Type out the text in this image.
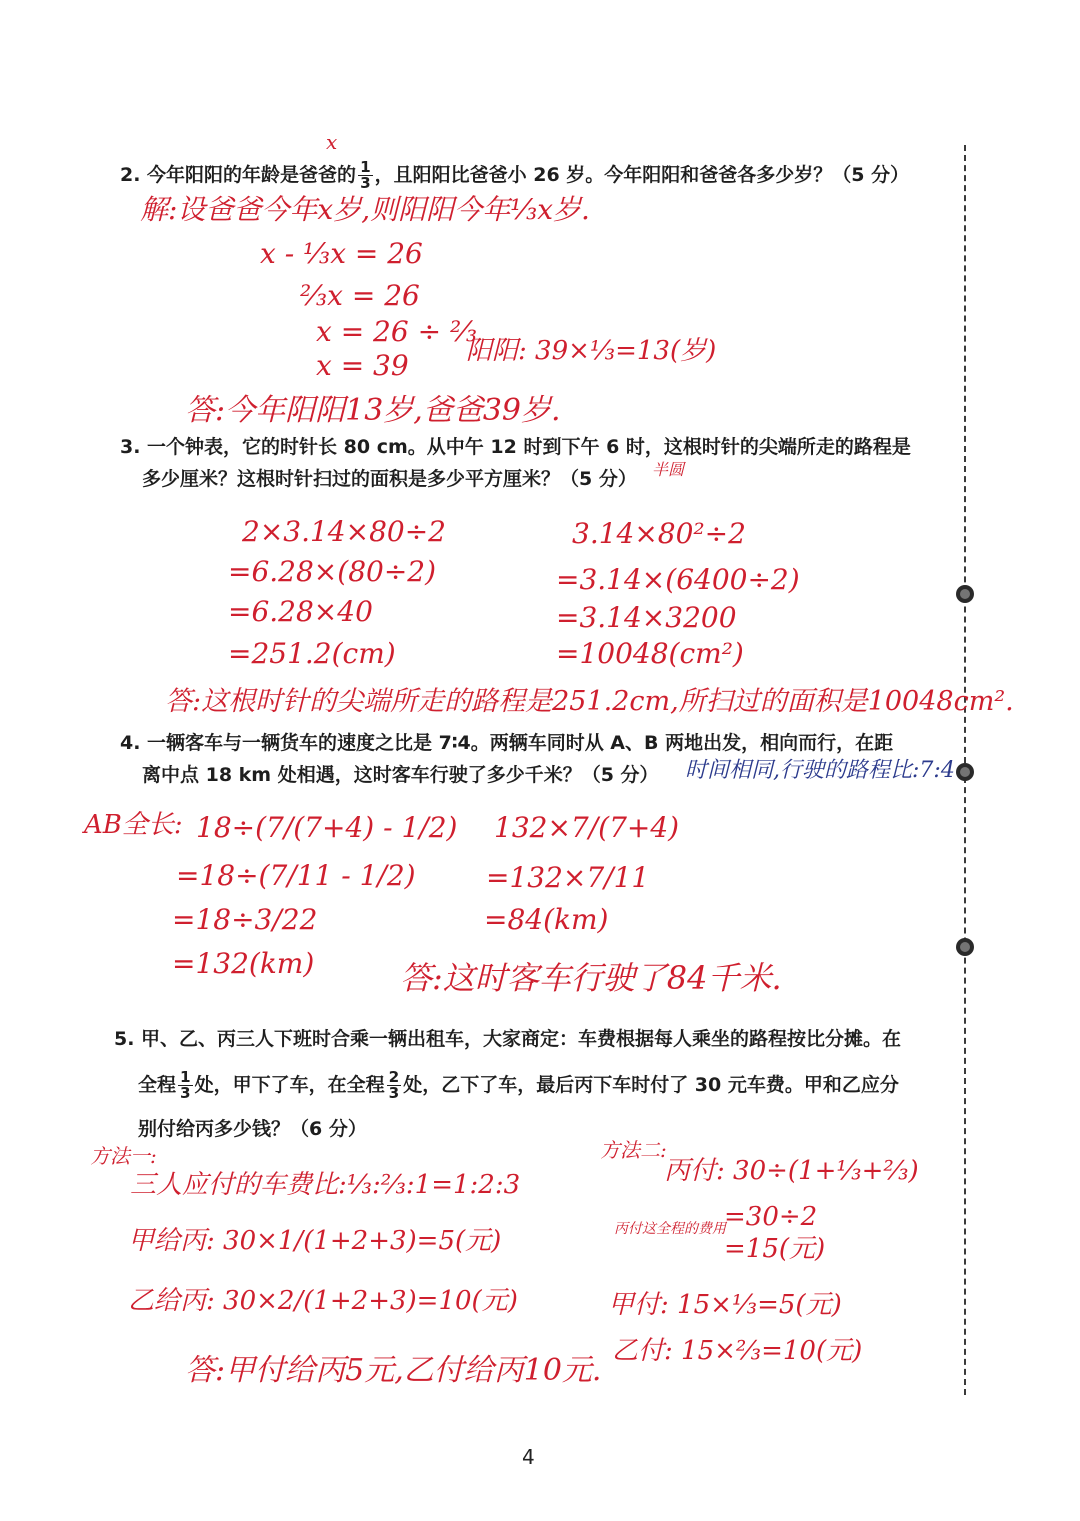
x
2. 今年阳阳的年龄是爸爸的 $\frac{1}{3}$ ，且阳阳比爸爸小 26 岁。今年阳阳和爸爸各多少岁？（5 分）
解:设爸爸今年x岁,则阳阳今年⅓x岁.
x - ⅓x = 26
⅔x = 26
x = 26 ÷ ⅔
x = 39 阳阳: 39×⅓=13(岁)
答:今年阳阳13岁,爸爸39岁.
3. 一个钟表，它的时针长 80 cm。从中午 12 时到下午 6 时，这根时针的尖端所走的路程是
多少厘米？这根时针扫过的面积是多少平方厘米？（5 分） 半圆
2×3.14×80÷2
=6.28×(80÷2)
=6.28×40
=251.2(cm)
3.14×80²÷2
=3.14×(6400÷2)
=3.14×3200
=10048(cm²)
答:这根时针的尖端所走的路程是251.2cm,所扫过的面积是10048cm².
4. 一辆客车与一辆货车的速度之比是 7∶4。两辆车同时从 A、B 两地出发，相向而行，在距
离中点 18 km 处相遇，这时客车行驶了多少千米？（5 分） 时间相同,行驶的路程比:7:4
AB全长: 18÷(7/(7+4) - 1/2)
=18÷(7/11 - 1/2)
=18÷3/22
=132(km)
132×7/(7+4)
=132×7/11
=84(km)
答:这时客车行驶了84千米.
5. 甲、乙、丙三人下班时合乘一辆出租车，大家商定：车费根据每人乘坐的路程按比分摊。在
全程 $\frac{1}{3}$ 处，甲下了车，在全程 $\frac{2}{3}$ 处，乙下了车，最后丙下车时付了 30 元车费。甲和乙应分
别付给丙多少钱？（6 分）
方法一:
三人应付的车费比:⅓:⅔:1=1:2:3
甲给丙: 30×1/(1+2+3)=5(元)
乙给丙: 30×2/(1+2+3)=10(元)
答:甲付给丙5元,乙付给丙10元.
方法二:
丙付: 30÷(1+⅓+⅔)
丙付这全程的费用
=30÷2
=15(元)
甲付: 15×⅓=5(元)
乙付: 15×⅔=10(元)
4
